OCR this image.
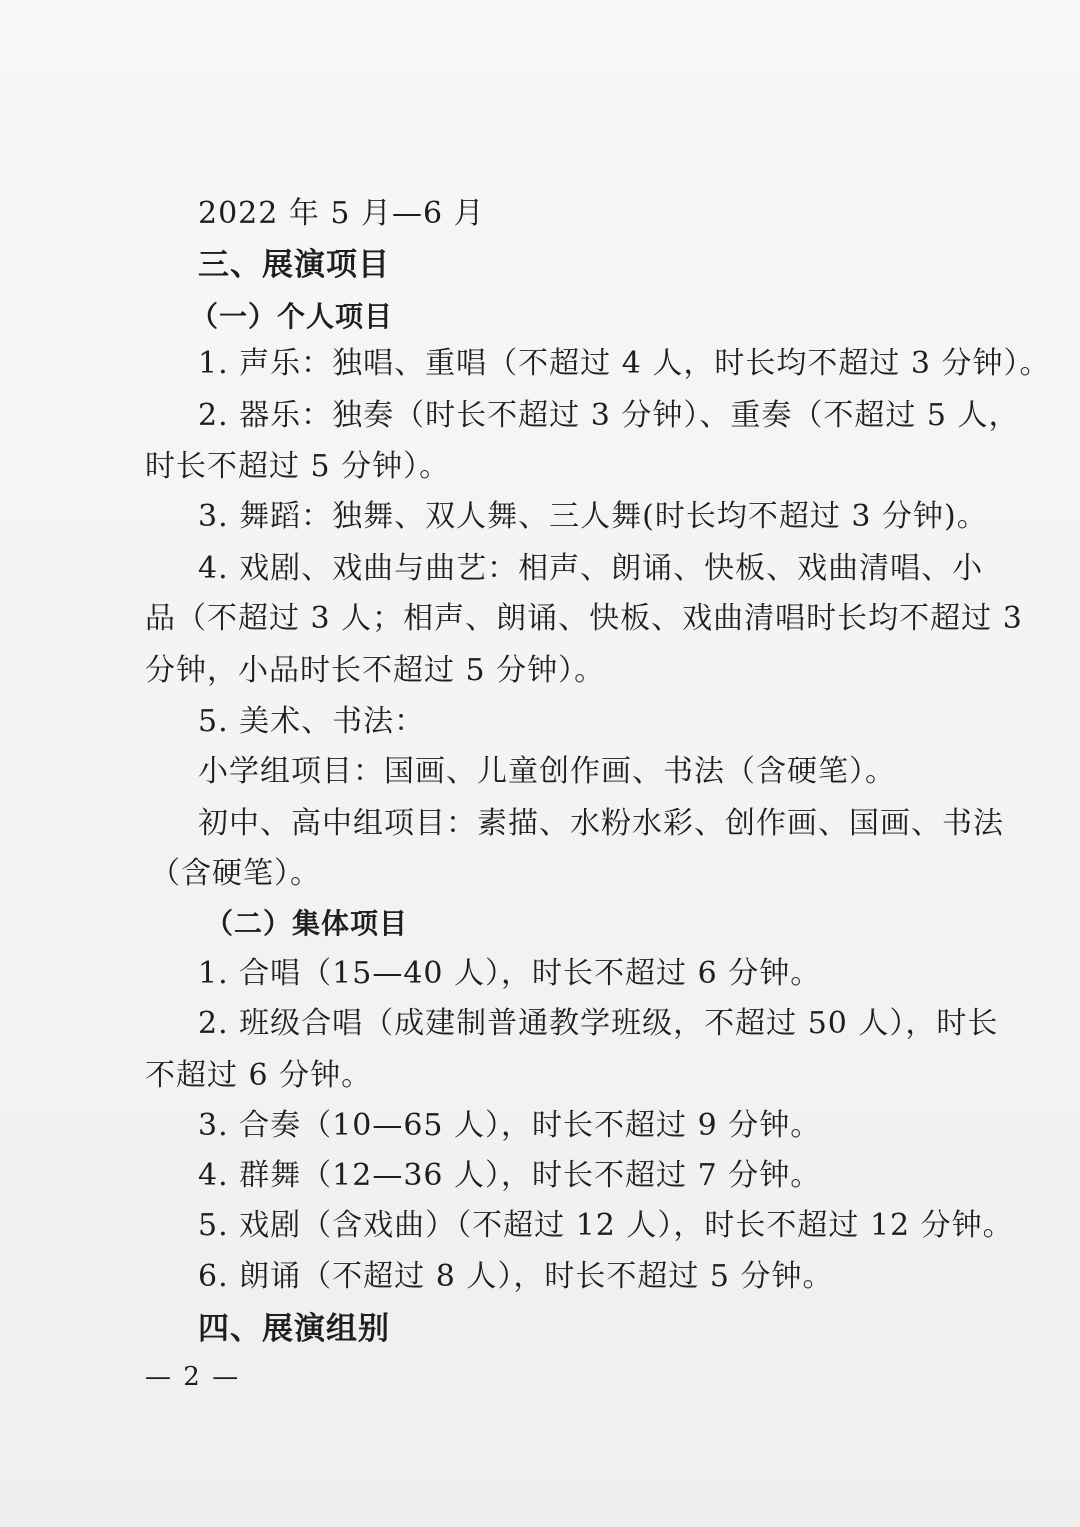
2022 年 5 月—6 月
三、展演项目
（一）个人项目
1. 声乐：独唱、重唱（不超过 4 人，时长均不超过 3 分钟）。
2. 器乐：独奏（时长不超过 3 分钟）、重奏（不超过 5 人，
时长不超过 5 分钟）。
3. 舞蹈：独舞、双人舞、三人舞(时长均不超过 3 分钟)。
4. 戏剧、戏曲与曲艺：相声、朗诵、快板、戏曲清唱、小
品（不超过 3 人；相声、朗诵、快板、戏曲清唱时长均不超过 3
分钟，小品时长不超过 5 分钟）。
5. 美术、书法：
小学组项目：国画、儿童创作画、书法（含硬笔）。
初中、高中组项目：素描、水粉水彩、创作画、国画、书法
（含硬笔）。
（二）集体项目
1. 合唱（15—40 人），时长不超过 6 分钟。
2. 班级合唱（成建制普通教学班级，不超过 50 人），时长
不超过 6 分钟。
3. 合奏（10—65 人），时长不超过 9 分钟。
4. 群舞（12—36 人），时长不超过 7 分钟。
5. 戏剧（含戏曲）（不超过 12 人），时长不超过 12 分钟。
6. 朗诵（不超过 8 人），时长不超过 5 分钟。
四、展演组别
— 2 —
